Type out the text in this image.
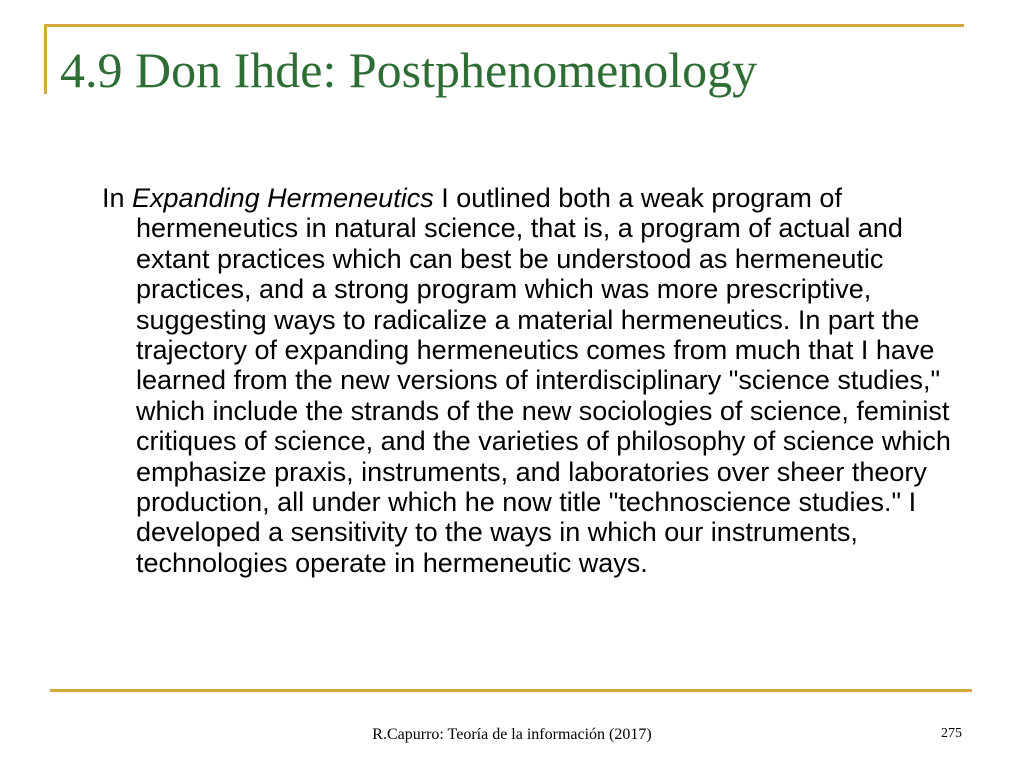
4.9 Don Ihde: Postphenomenology

In Expanding Hermeneutics I outlined both a weak program of hermeneutics in natural science, that is, a program of actual and extant practices which can best be understood as hermeneutic practices, and a strong program which was more prescriptive, suggesting ways to radicalize a material hermeneutics. In part the trajectory of expanding hermeneutics comes from much that I have learned from the new versions of interdisciplinary "science studies," which include the strands of the new sociologies of science, feminist critiques of science, and the varieties of philosophy of science which emphasize praxis, instruments, and laboratories over sheer theory production, all under which he now title "technoscience studies." I developed a sensitivity to the ways in which our instruments, technologies operate in hermeneutic ways.

R.Capurro: Teoría de la información (2017)	275
